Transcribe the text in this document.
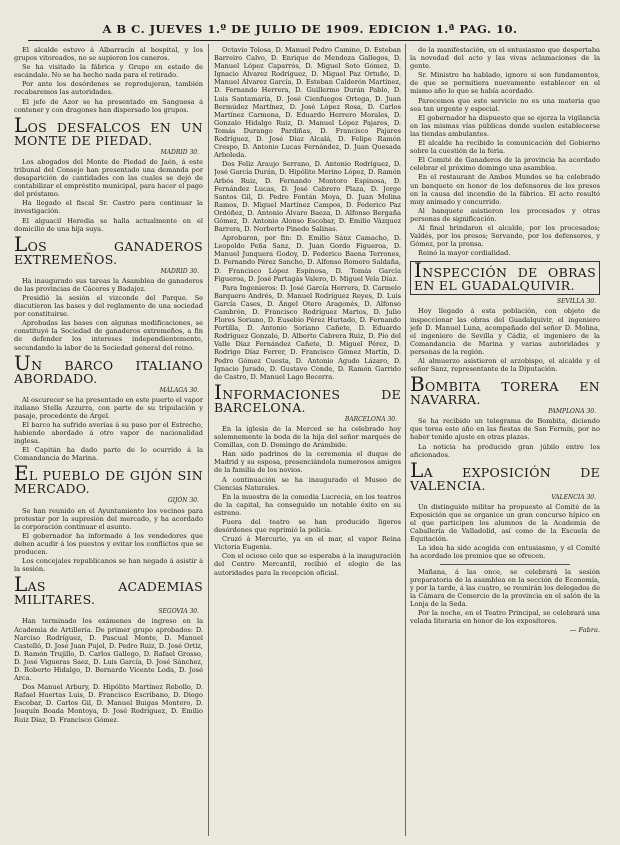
A B C. JUEVES 1.º DE JULIO DE 1909. EDICION 1.ª PAG. 10.

El alcalde estuvo á Albarracín al hospital, y los grupos vitoreados, no se supieron los caneros.

Se ha visitado la fábrica y Grupo en estado de escándalo. No se ha hecho nada para el retirado.

Por ante los desórdenes se reprodujeran, también recabaremos las autoridades.

El jefe de Azor se ha presentado en Sanguesa á contener y con dragones han dispersado los grupos.

LOS DESFALCOS EN UN MONTE DE PIEDAD.
MADRID 30.

Los abogados del Monte de Piedad de Jaén, á este tribunal del Consejo han presentado una demanda por desaparición de cantidades con las cuales se dejó de contabilizar el empréstito municipal, para hacer el pago del préstamo.

Ha llegado el fiscal Sr. Castro para continuar la investigación.

El alguacil Heredia se halla actualmente en el domicilio de una hija suya.

LOS GANADEROS EXTREMEÑOS.
MADRID 30.

Ha inaugurado sus tareas la Asamblea de ganaderos de las provincias de Cáceres y Badajoz.

Presidió la sesión el vizconde del Parque. Se discutieron las bases y del reglamento de una sociedad por constituirse.

Aprobadas las bases con algunas modificaciones, se constituyó la Sociedad de ganaderos extremeños, a fin de defender los intereses independientemente, secundando la labor de la Sociedad general del reino.

UN BARCO ITALIANO ABORDADO.
MÁLAGA 30.

Al oscurecer se ha presentado en este puerto el vapor italiano Stella Azzurra, con parte de su tripulación y pasaje, procedente de Argel.

El barco ha sufrido averías á su paso por el Estrecho, habiendo abordado á otro vapor de nacionalidad inglesa.

El Capitán ha dado parte de lo ocurrido á la Comandancia de Marina.

EL PUEBLO DE GIJÓN SIN MERCADO.
GIJÓN 30.

Se han reunido en el Ayuntamiento los vecinos para protestar por la supresión del mercado, y ha acordado la corporación continuar el asunto.

El gobernador ha informado á los vendedores que deben acudir á los puestos y evitar los conflictos que se producen.

Los concejales republicanos se han negado á asistir á la sesión.

LAS ACADEMIAS MILITARES.
SEGOVIA 30.

Han terminado los exámenes de ingreso en la Academia de Artillería. De primer grupo aprobados: D. Narciso Rodríguez, D. Pascual Monte, D. Manuel Castelló, D. José Juan Pujol, D. Pedro Ruiz, D. José Ortiz, D. Ramón Trujillo, D. Carlos Gallego, D. Rafael Grosso, D. José Vigueras Saez, D. Luis García, D. José Sánchez, D. Roberto Hidalgo, D. Bernardo Vicente Loda, D. José Arca.

Dos Manuel Arbury, D. Hipólito Martínez Rebollo, D. Rafael Huertas Luis, D. Francisco Escribano, D. Diego Escobar, D. Carlos Gil, D. Manuel Buigas Montero, D. Joaquín Boada Montoya, D. José Rodríguez, D. Emilio Ruiz Díaz, D. Francisco Gómez.

Octavio Tolosa, D. Manuel Pedro Camino, D. Esteban Barreiro Calvo, D. Enrique de Mendoza Gallegos, D. Manuel López Caparrós, D. Miguel Soto Gómez, D. Ignacio Álvarez Rodríguez, D. Miguel Paz Ortuño, D. Manuel Álvarez García, D. Esteban Calderón Martínez, D. Fernando Herrera, D. Guillermo Durán Pablo, D. Luis Santamaría, D. José Cienfuegos Ortega, D. Juan Bermúdez Martínez, D. José López Rosa, D. Carlos Martínez Carmona, D. Eduardo Herrero Morales, D. Gonzalo Hidalgo Ruiz, D. Manuel López Pajares, D. Tomás Durango Pardiñas, D. Francisco Pajares Rodríguez, D. José Díaz Alcalá, D. Felipe Ramón Crespo, D. Antonio Lucas Fernández, D. Juan Quesada Arboleda.

Dos Feliz Araujo Serrano, D. Antonio Rodríguez, D. José García Durán, D. Hipólito Merino López, D. Ramón Arbós Ruiz, D. Fernando Montoro Espinosa, D. Fernández Lucas, D. José Cabrero Plaza, D. Jorge Santos Gil, D. Pedro Fontán Moya, D. Juan Molina Ramos, D. Miguel Martínez Campos, D. Federico Paz Ordóñez, D. Antonio Álvaro Baeza, D. Alfonso Bergaña Gómez, D. Antonio Alonso Escobar, D. Emilio Vázquez Barrera, D. Norberto Pinedo Salinas.

Aprobaron, por fin: D. Emilio Sánz Camacho, D. Leopoldo Peña Sanz, D. Juan Gordo Figueroa, D. Manuel Junquera Godoy, D. Federico Baena Terrones, D. Fernando Pérez Sancho, D. Alfonso Romero Saldaña, D. Francisco López Espinosa, D. Tomás García Figueroa, D. José Partagás Valero, D. Miguel Vela Díaz.

Para Ingenieros: D. José García Herrera, D. Carmelo Barquero Andrés, D. Manuel Rodríguez Reyes, D. Luis García Cases, D. Ángel Otero Aragonés, D. Alfonso Cambrón, D. Francisco Rodríguez Martos, D. Julio Flores Soriano, D. Eusebio Pérez Hurtado, D. Fernando Portilla, D. Antonio Soriano Cañete, D. Eduardo Rodríguez Gonzalo, D. Alberto Cabrera Ruiz, D. Pío del Valle Díaz Fernández Cañete, D. Miguel Pérez, D. Rodrigo Díaz Ferrer, D. Francisco Gómez Martín, D. Pedro Gómez Cuesta, D. Antonio Agudo Lázaro, D. Ignacio Jurado, D. Gustavo Conde, D. Ramón Garrido de Castro, D. Manuel Lago Becerra.

INFORMACIONES DE BARCELONA.
BARCELONA 30.

En la iglesia de la Merced se ha celebrado hoy solemnemente la boda de la hija del señor marqués de Comillas, con D. Domingo de Arámbide.

Han sido padrinos de la ceremonia el duque de Madrid y su esposa, presenciándola numerosos amigos de la familia de los novios.

A continuación se ha inaugurado el Museo de Ciencias Naturales.

En la muestra de la comedia Lucrecia, en los teatros de la capital, ha conseguido un notable éxito en su estreno.

Fuera del teatro se han producido ligeros desórdenes que reprimió la policía.

Cruzó á Mercurio, ya en el mar, el vapor Reina Victoria Eugenia.

Con el ocioso celo que se esperaba á la inauguración del Centro Mercantil, recibió el elogio de las autoridades para la recepción oficial.

de la manifestación, en el entusiasmo que despertaba la novedad del acto y las vivas aclamaciones de la gente.

Sr. Ministro ha hablado, ignoro si son fundamentos, de que se permitiera nuevamente establecer en el mismo año lo que se había acordado.

Parecemos que este servicio no es una materia que sea tan urgente y especial.

El gobernador ha dispuesto que se ejerza la vigilancia en las mismas vías públicas donde suelen establecerse las tiendas ambulantes.

El alcalde ha recibido la comunicación del Gobierno sobre la cuestión de la feria.

El Comité de Ganaderos de la provincia ha acordado celebrar el próximo domingo una asamblea.

En el restaurant de Ambos Mundos se ha celebrado un banquete en honor de los defensores de los presos en la causa del incendio de la fábrica. El acto resultó muy animado y concurrido.

Al banquete asistieron los procesados y otras personas de significación.

Al final brindaron el alcalde, por los procesados; Valdés, por los presos; Servando, por los defensores, y Gómez, por la prensa.

Reinó la mayor cordialidad.

INSPECCIÓN DE OBRAS EN EL GUADALQUIVIR.
SEVILLA 30.

Hoy llegado á esta población, con objeto de inspeccionar las obras del Guadalquivir, el ingeniero jefe D. Manuel Luna, acompañado del señor D. Molina, el ingeniero de Sevilla y Cádiz, el ingeniero de la Comandancia de Marina y varias autoridades y personas de la región.

Al almuerzo asistieron el arzobispo, el alcalde y el señor Sanz, representante de la Diputación.

BOMBITA TORERA EN NAVARRA.
PAMPLONA 30.

Se ha recibido un telegrama de Bombita, diciendo que torea este año en las fiestas de San Fermín, por no haber tenido ajuste en otras plazas.

La noticia ha producido gran júbilo entre los aficionados.

LA EXPOSICIÓN DE VALENCIA.
VALENCIA 30.

Un distinguido militar ha propuesto al Comité de la Exposición que se organice un gran concurso hípico en el que participen los alumnos de la Academia de Caballería de Valladolid, así como de la Escuela de Equitación.

La idea ha sido acogida con entusiasmo, y el Comité ha acordado los premios que se ofrecen.

Mañana, á las once, se celebrará la sesión preparatoria de la asamblea en la sección de Economía, y por la tarde, á las cuatro, se reunirán los delegados de la Cámara de Comercio de la provincia en el salón de la Lonja de la Seda.

Por la noche, en el Teatro Principal, se celebrará una velada literaria en honor de los expositores.

— Fabra.
